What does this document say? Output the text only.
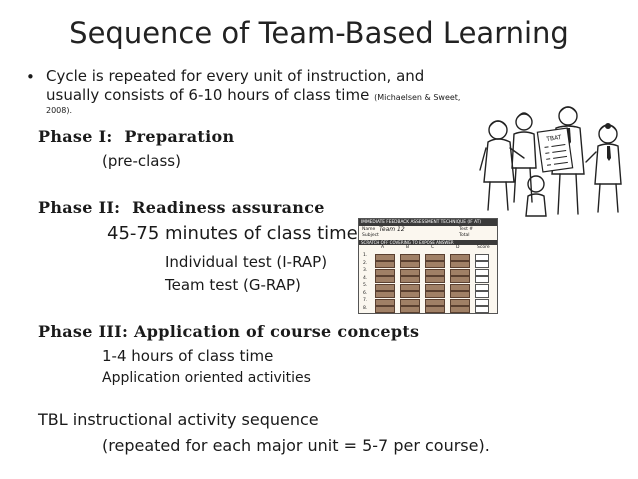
Sequence of Team-Based Learning
• Cycle is repeated for every unit of instruction, and
usually consists of 6-10 hours of class time (Michaelsen & Sweet,
2008).
Phase I: Preparation
(pre-class)
Phase II: Readiness assurance
45-75 minutes of class time
Individual test (I-RAP)
Team test (G-RAP)
Phase III: Application of course concepts
1-4 hours of class time
Application oriented activities
TBL instructional activity sequence
(repeated for each major unit = 5-7 per course).
TBAT
IMMEDIATE FEEDBACK ASSESSMENT TECHNIQUE (IF AT)
Name Team 12	Test #
Subject	Total
SCRATCH OFF COVERING TO EXPOSE ANSWER
A	B	C	D	Score
1.
2.
3.
4.
5.
6.
7.
8.
